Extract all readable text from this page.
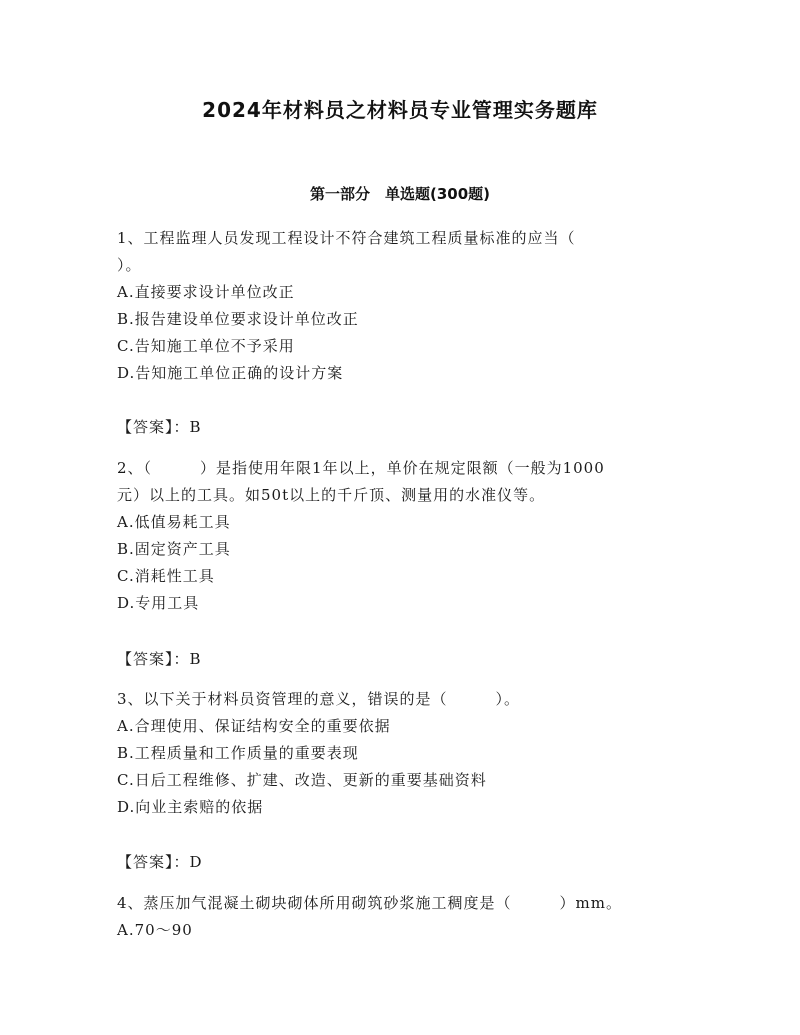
2024年材料员之材料员专业管理实务题库
第一部分　单选题(300题)
1、工程监理人员发现工程设计不符合建筑工程质量标准的应当（
）。
A.直接要求设计单位改正
B.报告建设单位要求设计单位改正
C.告知施工单位不予采用
D.告知施工单位正确的设计方案
【答案】：B
2、（　　　）是指使用年限1年以上，单价在规定限额（一般为1000
元）以上的工具。如50t以上的千斤顶、测量用的水准仪等。
A.低值易耗工具
B.固定资产工具
C.消耗性工具
D.专用工具
【答案】：B
3、以下关于材料员资管理的意义，错误的是（　　　）。
A.合理使用、保证结构安全的重要依据
B.工程质量和工作质量的重要表现
C.日后工程维修、扩建、改造、更新的重要基础资料
D.向业主索赔的依据
【答案】：D
4、蒸压加气混凝土砌块砌体所用砌筑砂浆施工稠度是（　　　）mm。
A.70～90
